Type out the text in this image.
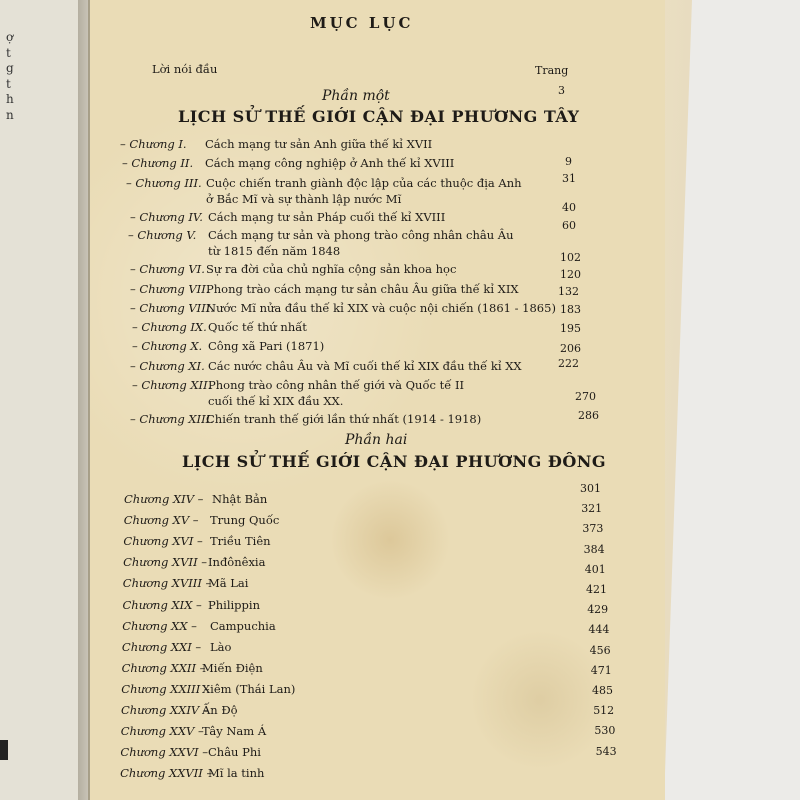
ợ
t
g
t
h
n
MỤC LỤC
Lời nói đầu	Trang
3
Phần một
LỊCH SỬ THẾ GIỚI CẬN ĐẠI PHƯƠNG TÂY
Phần hai
LỊCH SỬ THẾ GIỚI CẬN ĐẠI PHƯƠNG ĐÔNG
– Chương I. Cách mạng tư sản Anh giữa thế kỉ XVII
– Chương II. Cách mạng công nghiệp ở Anh thế kỉ XVIII
– Chương III. Cuộc chiến tranh giành độc lập của các thuộc địa Anh
ở Bắc Mĩ và sự thành lập nước Mĩ
– Chương IV. Cách mạng tư sản Pháp cuối thế kỉ XVIII
– Chương V. Cách mạng tư sản và phong trào công nhân châu Âu
từ 1815 đến năm 1848
– Chương VI. Sự ra đời của chủ nghĩa cộng sản khoa học
– Chương VII.
Phong trào cách mạng tư sản châu Âu giữa thế kỉ XIX
– Chương VIII.
Nước Mĩ nửa đầu thế kỉ XIX và cuộc nội chiến (1861 - 1865)
– Chương IX. Quốc tế thứ nhất
– Chương X. Công xã Pari (1871)
– Chương XI. Các nước châu Âu và Mĩ cuối thế kỉ XIX đầu thế kỉ XX
– Chương XII.
Phong trào công nhân thế giới và Quốc tế II
cuối thế kỉ XIX đầu XX.
– Chương XIII.
Chiến tranh thế giới lần thứ nhất (1914 - 1918)
9
31
40
60
102
120
132
183
195
206
222
270
286
Chương XIV – Nhật Bản
Chương XV – Trung Quốc
Chương XVI – Triều Tiên
Chương XVII – Inđônêxia
Chương XVIII –
Mã Lai
Chương XIX – Philippin
Chương XX – Campuchia
Chương XXI – Lào
Chương XXII –
Miến Điện
Chương XXIII –
Xiêm (Thái Lan)
Chương XXIV –
Ấn Độ
Chương XXV –
Tây Nam Á
Chương XXVI – Châu Phi
Chương XXVII –
Mĩ la tinh
301
321
373
384
401
421
429
444
456
471
485
512
530
543
